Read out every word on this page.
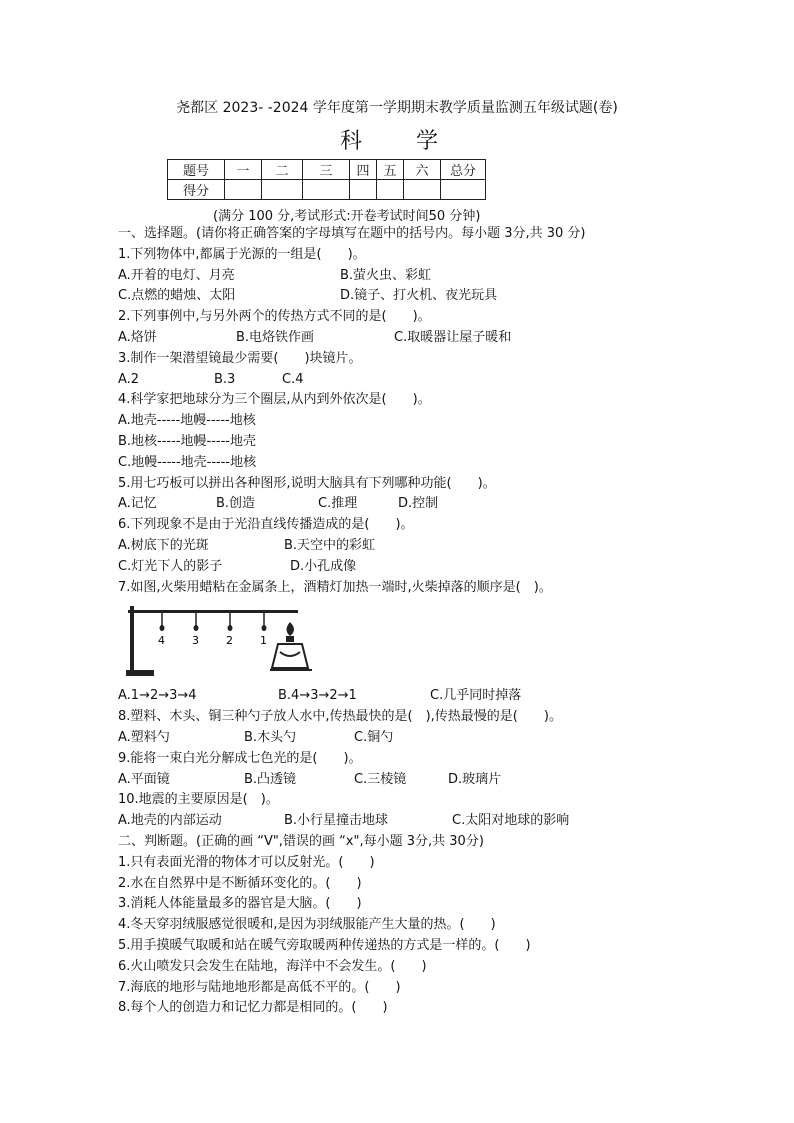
尧都区 2023- -2024 学年度第一学期期末教学质量监测五年级试题(卷)
科　学
题号	一	二	三	四	五	六	总分
得分							
(满分 100 分,考试形式:开卷考试时间50 分钟)
一、选择题。(请你将正确答案的字母填写在题中的括号内。每小题 3分,共 30 分)
1.下列物体中,都属于光源的一组是(　　)。
A.开着的电灯、月亮	B.萤火虫、彩虹
C.点燃的蜡烛、太阳	D.镜子、打火机、夜光玩具
2.下列事例中,与另外两个的传热方式不同的是(　　)。
A.烙饼	B.电烙铁作画	C.取暖器让屋子暖和
3.制作一架潜望镜最少需要(　　)块镜片。
A.2	B.3	C.4
4.科学家把地球分为三个圈层,从内到外依次是(　　)。
A.地壳-----地幔-----地核
B.地核-----地幔-----地壳
C.地幔-----地壳-----地核
5.用七巧板可以拼出各种图形,说明大脑具有下列哪种功能(　　)。
A.记忆	B.创造	C.推理	D.控制
6.下列现象不是由于光沿直线传播造成的是(　　)。
A.树底下的光斑	B.天空中的彩虹
C.灯光下人的影子	D.小孔成像
7.如图,火柴用蜡粘在金属条上，酒精灯加热一端时,火柴掉落的顺序是(　)。
4 3 2 1
A.1→2→3→4	B.4→3→2→1	C.几乎同时掉落
8.塑料、木头、铜三种勺子放人水中,传热最快的是(　),传热最慢的是(　　)。
A.塑料勺	B.木头勺	C.铜勺
9.能将一束白光分解成七色光的是(　　)。
A.平面镜	B.凸透镜	C.三棱镜	D.玻璃片
10.地震的主要原因是(　)。
A.地壳的内部运动	B.小行星撞击地球	C.太阳对地球的影响
二、判断题。(正确的画 “V",错误的画 “x",每小题 3分,共 30分)
1.只有表面光滑的物体才可以反射光。(　　)
2.水在自然界中是不断循环变化的。(　　)
3.消耗人体能量最多的器官是大脑。(　　)
4.冬天穿羽绒服感觉很暖和,是因为羽绒服能产生大量的热。(　　)
5.用手摸暖气取暖和站在暖气旁取暖两种传递热的方式是一样的。(　　)
6.火山喷发只会发生在陆地，海洋中不会发生。(　　)
7.海底的地形与陆地地形都是高低不平的。(　　)
8.每个人的创造力和记忆力都是相同的。(　　)
